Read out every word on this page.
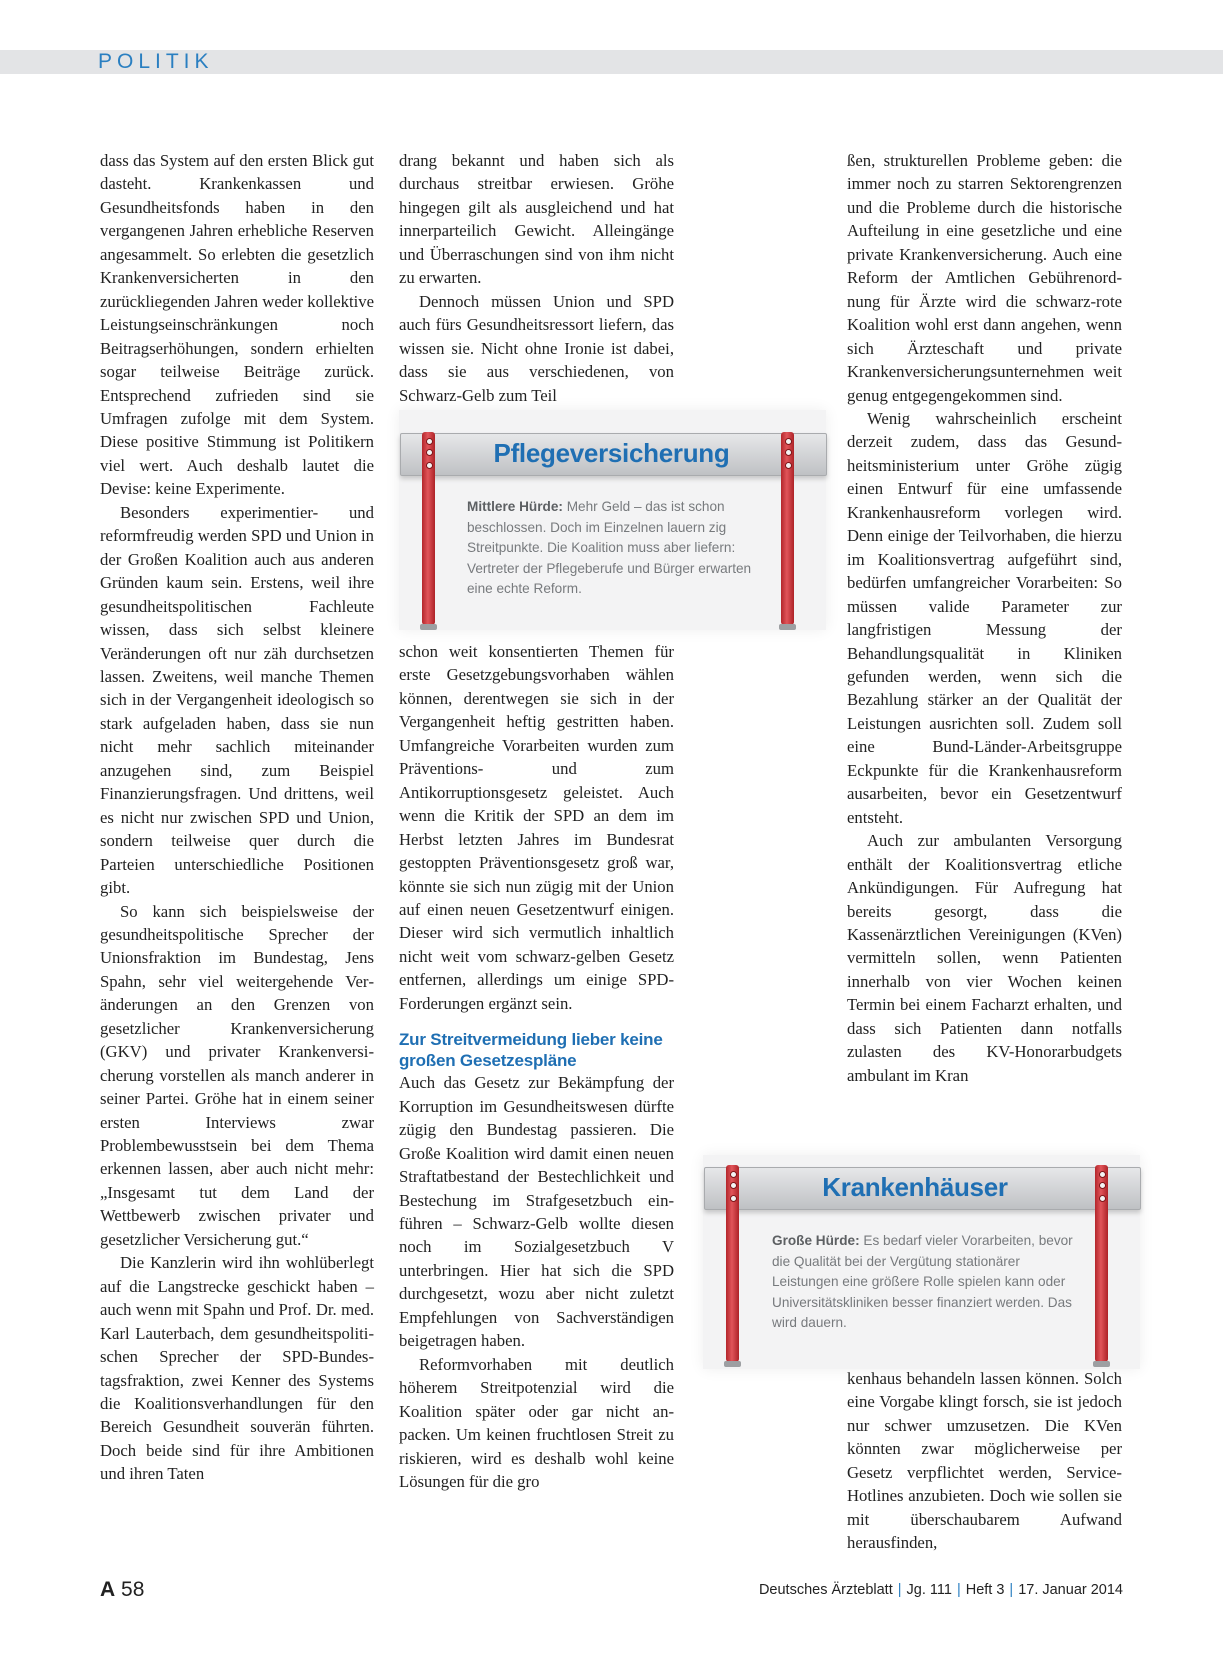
POLITIK

dass das System auf den ersten Blick gut dasteht. Krankenkassen und Gesundheitsfonds haben in den vergangenen Jahren erhebliche Reserven angesammelt. So erlebten die gesetzlich Krankenversicherten in den zurückliegenden Jahren weder kollektive Leistungseinschränkungen noch Beitragserhöhungen, sondern erhielten sogar teilweise Beiträge zurück. Entsprechend zufrieden sind sie Umfragen zufolge mit dem System. Diese positive Stimmung ist Politikern viel wert. Auch deshalb lautet die Devise: keine Experimente.

Besonders experimentier- und reformfreudig werden SPD und Union in der Großen Koalition auch aus anderen Gründen kaum sein. Erstens, weil ihre gesundheitspolitischen Fachleute wissen, dass sich selbst kleinere Veränderungen oft nur zäh durchsetzen lassen. Zweitens, weil manche Themen sich in der Vergangenheit ideologisch so stark aufgeladen haben, dass sie nun nicht mehr sachlich miteinander anzugehen sind, zum Beispiel Finanzierungsfragen. Und drittens, weil es nicht nur zwischen SPD und Union, sondern teilweise quer durch die Parteien unterschiedliche Positionen gibt.

So kann sich beispielsweise der gesundheitspolitische Sprecher der Unionsfraktion im Bundestag, Jens Spahn, sehr viel weitergehende Veränderungen an den Grenzen von gesetzlicher Krankenversicherung (GKV) und privater Krankenversicherung vorstellen als manch anderer in seiner Partei. Gröhe hat in einem seiner ersten Interviews zwar Problembewusstsein bei dem Thema erkennen lassen, aber auch nicht mehr: „Insgesamt tut dem Land der Wettbewerb zwischen privater und gesetzlicher Versicherung gut.“

Die Kanzlerin wird ihn wohlüberlegt auf die Langstrecke geschickt haben – auch wenn mit Spahn und Prof. Dr. med. Karl Lauterbach, dem gesundheitspolitischen Sprecher der SPD-Bundestagsfraktion, zwei Kenner des Systems die Koalitionsverhandlungen für den Bereich Gesundheit souverän führten. Doch beide sind für ihre Ambitionen und ihren Taten

drang bekannt und haben sich als durchaus streitbar erwiesen. Gröhe hingegen gilt als ausgleichend und hat innerparteilich Gewicht. Alleingänge und Überraschungen sind von ihm nicht zu erwarten.

Dennoch müssen Union und SPD auch fürs Gesundheitsressort liefern, das wissen sie. Nicht ohne Ironie ist dabei, dass sie aus verschiedenen, von Schwarz-Gelb zum Teil

Pflegeversicherung
Mittlere Hürde: Mehr Geld – das ist schon beschlossen. Doch im Einzelnen lauern zig Streitpunkte. Die Koalition muss aber liefern: Vertreter der Pflegeberufe und Bürger erwarten eine echte Reform.

schon weit konsentierten Themen für erste Gesetzgebungsvorhaben wählen können, derentwegen sie sich in der Vergangenheit heftig gestritten haben. Umfangreiche Vorarbeiten wurden zum Präventions- und zum Antikorruptionsgesetz geleistet. Auch wenn die Kritik der SPD an dem im Herbst letzten Jahres im Bundesrat gestoppten Präventionsgesetz groß war, könnte sie sich nun zügig mit der Union auf einen neuen Gesetzentwurf einigen. Dieser wird sich vermutlich inhaltlich nicht weit vom schwarz-gelben Gesetz entfernen, allerdings um einige SPD-Forderungen ergänzt sein.

Zur Streitvermeidung lieber keine großen Gesetzespläne

Auch das Gesetz zur Bekämpfung der Korruption im Gesundheitswesen dürfte zügig den Bundestag passieren. Die Große Koalition wird damit einen neuen Straftatbestand der Bestechlichkeit und Bestechung im Strafgesetzbuch einführen – Schwarz-Gelb wollte diesen noch im Sozialgesetzbuch V unterbringen. Hier hat sich die SPD durchgesetzt, wozu aber nicht zuletzt Empfehlungen von Sachverständigen beigetragen haben.

Reformvorhaben mit deutlich höherem Streitpotenzial wird die Koalition später oder gar nicht anpacken. Um keinen fruchtlosen Streit zu riskieren, wird es deshalb wohl keine Lösungen für die gro

ßen, strukturellen Probleme geben: die immer noch zu starren Sektorengrenzen und die Probleme durch die historische Aufteilung in eine gesetzliche und eine private Krankenversicherung. Auch eine Reform der Amtlichen Gebührenordnung für Ärzte wird die schwarz-rote Koalition wohl erst dann angehen, wenn sich Ärzteschaft und private Krankenversicherungsunternehmen weit genug entgegengekommen sind.

Wenig wahrscheinlich erscheint derzeit zudem, dass das Gesundheitsministerium unter Gröhe zügig einen Entwurf für eine umfassende Krankenhausreform vorlegen wird. Denn einige der Teilvorhaben, die hierzu im Koalitionsvertrag aufgeführt sind, bedürfen umfangreicher Vorarbeiten: So müssen valide Parameter zur langfristigen Messung der Behandlungsqualität in Kliniken gefunden werden, wenn sich die Bezahlung stärker an der Qualität der Leistungen ausrichten soll. Zudem soll eine Bund-Länder-Arbeitsgruppe Eckpunkte für die Krankenhausreform ausarbeiten, bevor ein Gesetzentwurf entsteht.

Auch zur ambulanten Versorgung enthält der Koalitionsvertrag etliche Ankündigungen. Für Aufregung hat bereits gesorgt, dass die Kassenärztlichen Vereinigungen (KVen) vermitteln sollen, wenn Patienten innerhalb von vier Wochen keinen Termin bei einem Facharzt erhalten, und dass sich Patienten dann notfalls zulasten des KV-Honorarbudgets ambulant im Kran

Krankenhäuser
Große Hürde: Es bedarf vieler Vorarbeiten, bevor die Qualität bei der Vergütung stationärer Leistungen eine größere Rolle spielen kann oder Universitätskliniken besser finanziert werden. Das wird dauern.

kenhaus behandeln lassen können. Solch eine Vorgabe klingt forsch, sie ist jedoch nur schwer umzusetzen. Die KVen könnten zwar möglicherweise per Gesetz verpflichtet werden, Service-Hotlines anzubieten. Doch wie sollen sie mit überschaubarem Aufwand herausfinden,

A 58	Deutsches Ärzteblatt | Jg. 111 | Heft 3 | 17. Januar 2014
